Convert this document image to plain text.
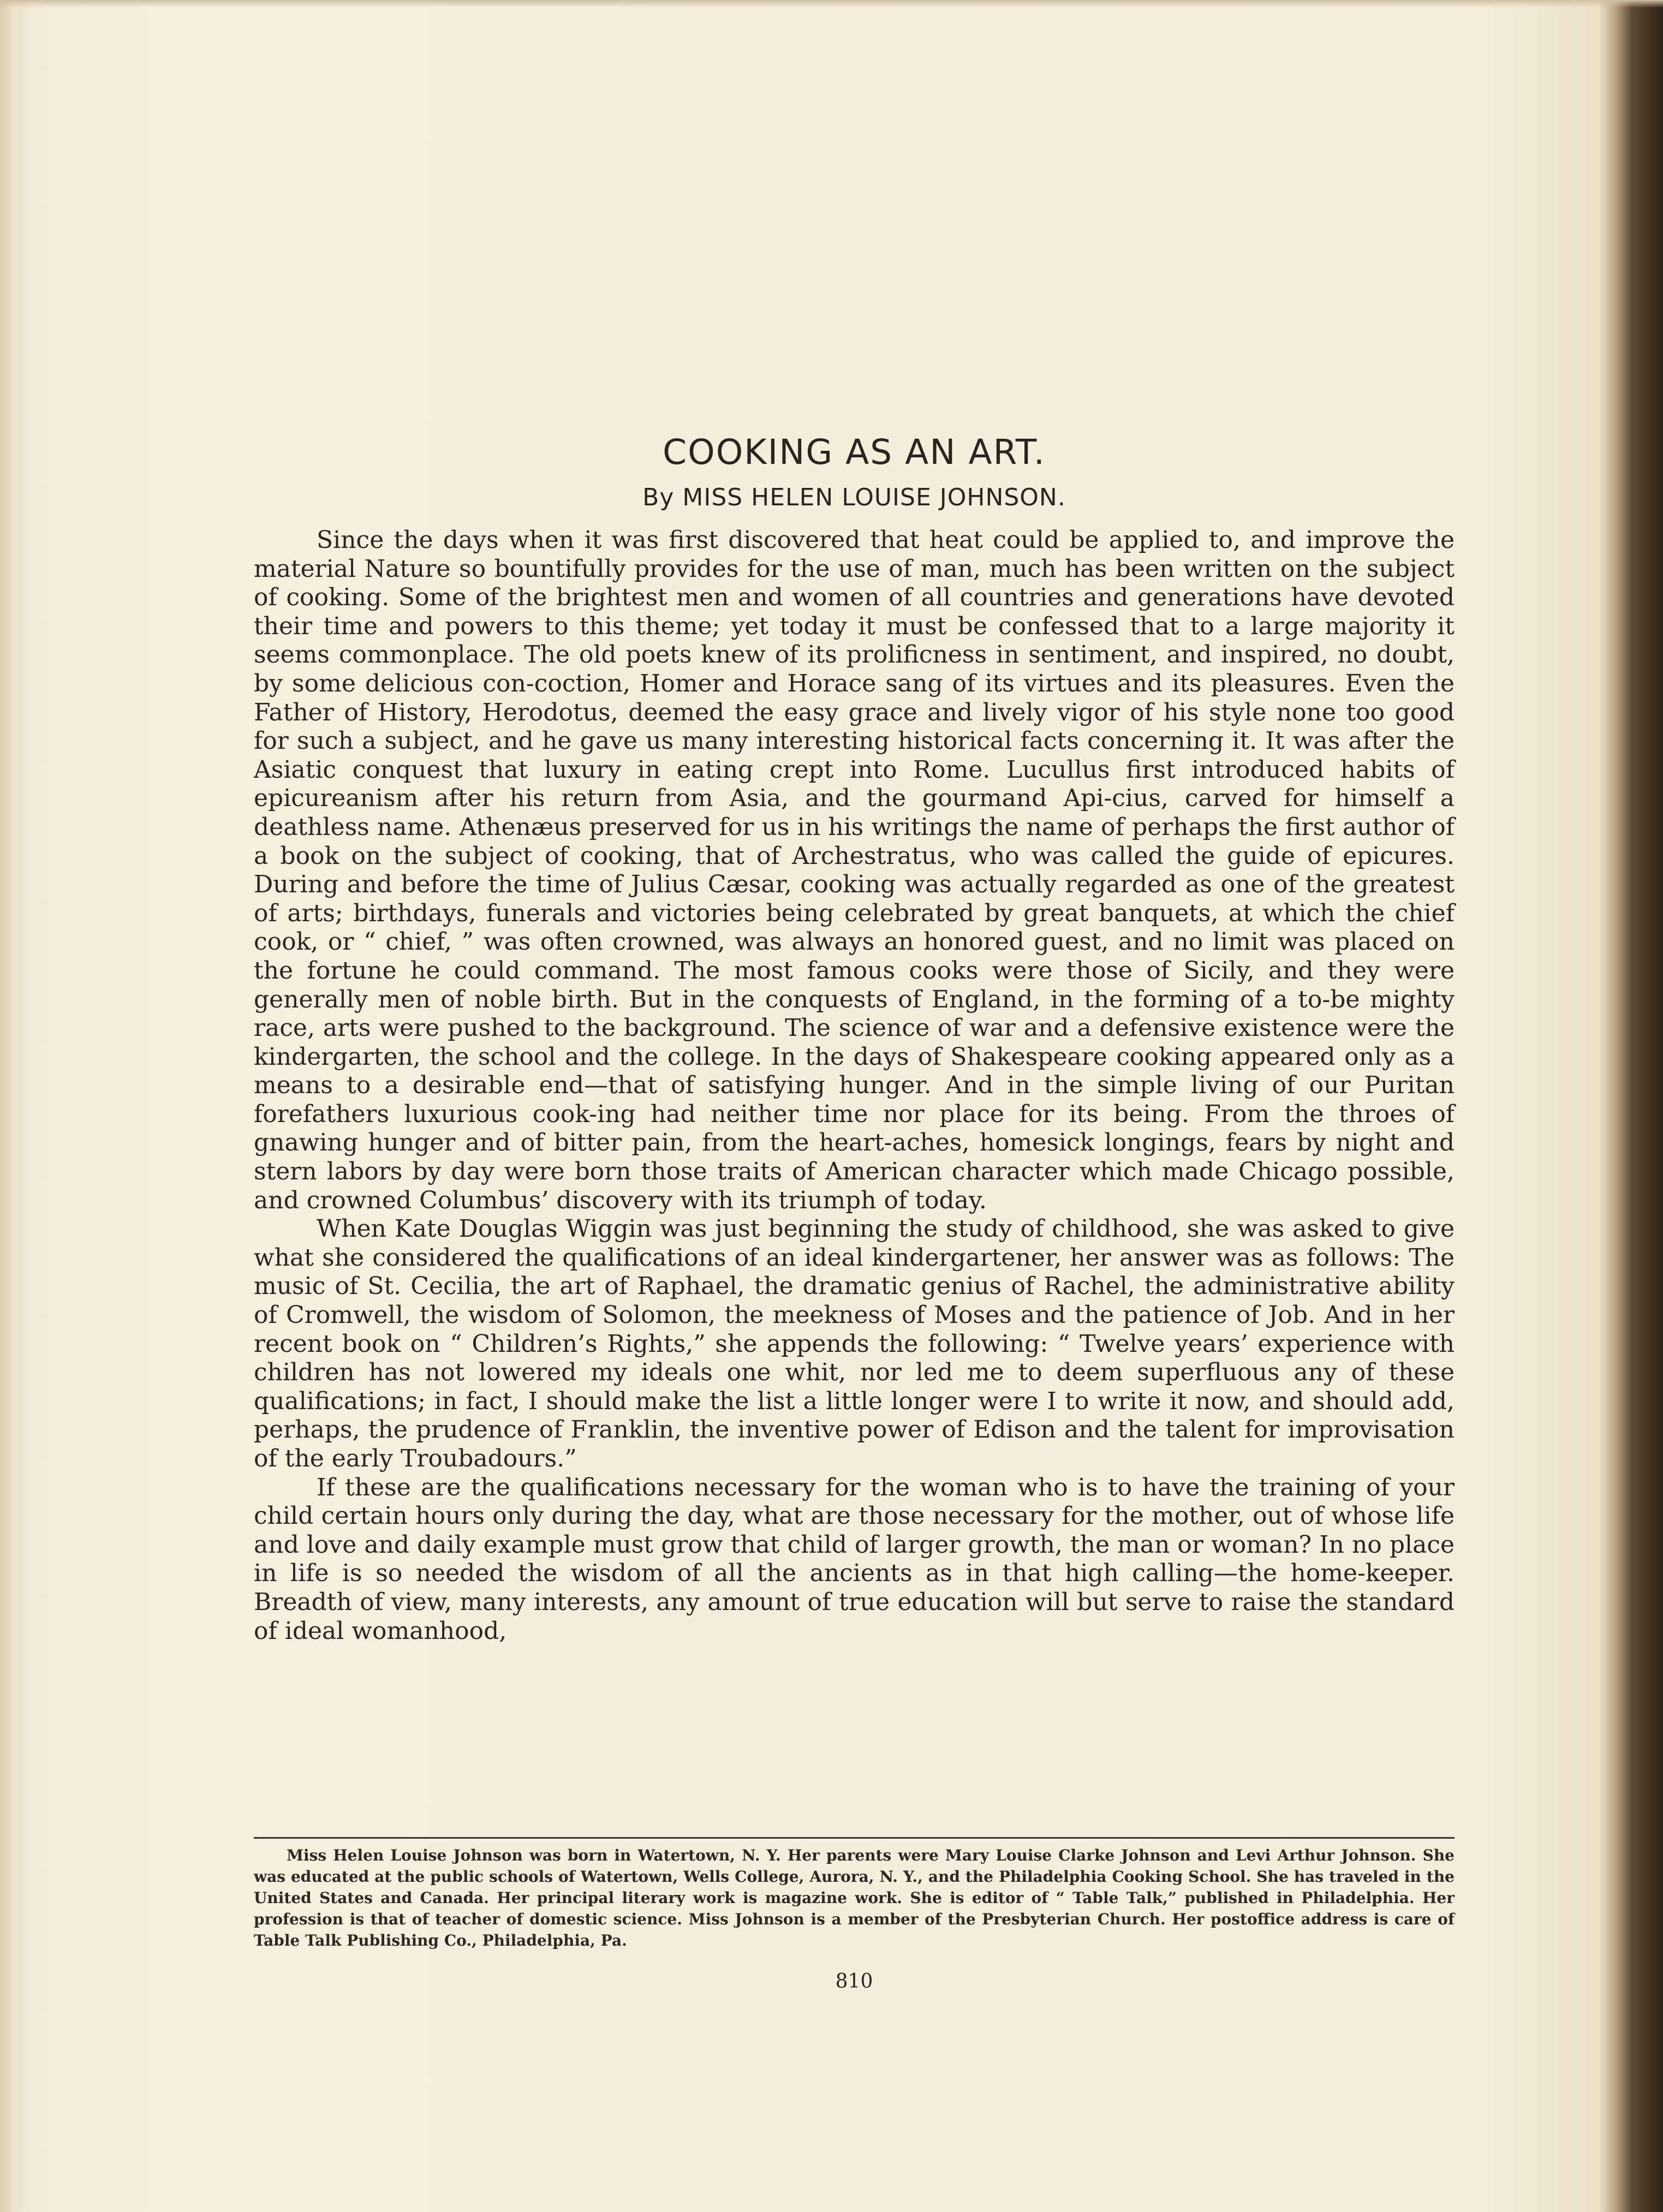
COOKING AS AN ART.
By MISS HELEN LOUISE JOHNSON.

Since the days when it was first discovered that heat could be applied to, and improve the material Nature so bountifully provides for the use of man, much has been written on the subject of cooking. Some of the brightest men and women of all countries and generations have devoted their time and powers to this theme; yet today it must be confessed that to a large majority it seems commonplace. The old poets knew of its prolificness in sentiment, and inspired, no doubt, by some delicious con-coction, Homer and Horace sang of its virtues and its pleasures. Even the Father of History, Herodotus, deemed the easy grace and lively vigor of his style none too good for such a subject, and he gave us many interesting historical facts concerning it. It was after the Asiatic conquest that luxury in eating crept into Rome. Lucullus first introduced habits of epicureanism after his return from Asia, and the gourmand Api-cius, carved for himself a deathless name. Athenæus preserved for us in his writings the name of perhaps the first author of a book on the subject of cooking, that of Archestratus, who was called the guide of epicures. During and before the time of Julius Cæsar, cooking was actually regarded as one of the greatest of arts; birthdays, funerals and victories being celebrated by great banquets, at which the chief cook, or “ chief, ” was often crowned, was always an honored guest, and no limit was placed on the fortune he could command. The most famous cooks were those of Sicily, and they were generally men of noble birth. But in the conquests of England, in the forming of a to-be mighty race, arts were pushed to the background. The science of war and a defensive existence were the kindergarten, the school and the college. In the days of Shakespeare cooking appeared only as a means to a desirable end—that of satisfying hunger. And in the simple living of our Puritan forefathers luxurious cook-ing had neither time nor place for its being. From the throes of gnawing hunger and of bitter pain, from the heart-aches, homesick longings, fears by night and stern labors by day were born those traits of American character which made Chicago possible, and crowned Columbus’ discovery with its triumph of today.

When Kate Douglas Wiggin was just beginning the study of childhood, she was asked to give what she considered the qualifications of an ideal kindergartener, her answer was as follows: The music of St. Cecilia, the art of Raphael, the dramatic genius of Rachel, the administrative ability of Cromwell, the wisdom of Solomon, the meekness of Moses and the patience of Job. And in her recent book on “ Children’s Rights,” she appends the following: “ Twelve years’ experience with children has not lowered my ideals one whit, nor led me to deem superfluous any of these qualifications; in fact, I should make the list a little longer were I to write it now, and should add, perhaps, the prudence of Franklin, the inventive power of Edison and the talent for improvisation of the early Troubadours.”

If these are the qualifications necessary for the woman who is to have the training of your child certain hours only during the day, what are those necessary for the mother, out of whose life and love and daily example must grow that child of larger growth, the man or woman? In no place in life is so needed the wisdom of all the ancients as in that high calling—the home-keeper. Breadth of view, many interests, any amount of true education will but serve to raise the standard of ideal womanhood,

Miss Helen Louise Johnson was born in Watertown, N. Y. Her parents were Mary Louise Clarke Johnson and Levi Arthur Johnson. She was educated at the public schools of Watertown, Wells College, Aurora, N. Y., and the Philadelphia Cooking School. She has traveled in the United States and Canada. Her principal literary work is magazine work. She is editor of “ Table Talk,” published in Philadelphia. Her profession is that of teacher of domestic science. Miss Johnson is a member of the Presbyterian Church. Her postoffice address is care of Table Talk Publishing Co., Philadelphia, Pa.

810
